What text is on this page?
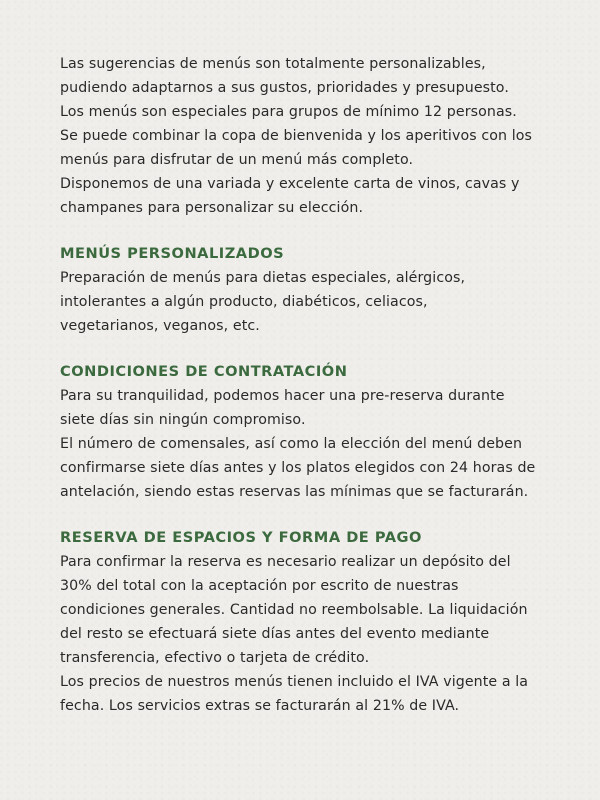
Las sugerencias de menús son totalmente personalizables,
pudiendo adaptarnos a sus gustos, prioridades y presupuesto.
Los menús son especiales para grupos de mínimo 12 personas.
Se puede combinar la copa de bienvenida y los aperitivos con los
menús para disfrutar de un menú más completo.
Disponemos de una variada y excelente carta de vinos, cavas y
champanes para personalizar su elección.
MENÚS PERSONALIZADOS
Preparación de menús para dietas especiales, alérgicos,
intolerantes a algún producto, diabéticos, celiacos,
vegetarianos, veganos, etc.
CONDICIONES DE CONTRATACIÓN
Para su tranquilidad, podemos hacer una pre-reserva durante
siete días sin ningún compromiso.
El número de comensales, así como la elección del menú deben
confirmarse siete días antes y los platos elegidos con 24 horas de
antelación, siendo estas reservas las mínimas que se facturarán.
RESERVA DE ESPACIOS Y FORMA DE PAGO
Para confirmar la reserva es necesario realizar un depósito del
30% del total con la aceptación por escrito de nuestras
condiciones generales. Cantidad no reembolsable. La liquidación
del resto se efectuará siete días antes del evento mediante
transferencia, efectivo o tarjeta de crédito.
Los precios de nuestros menús tienen incluido el IVA vigente a la
fecha. Los servicios extras se facturarán al 21% de IVA.
